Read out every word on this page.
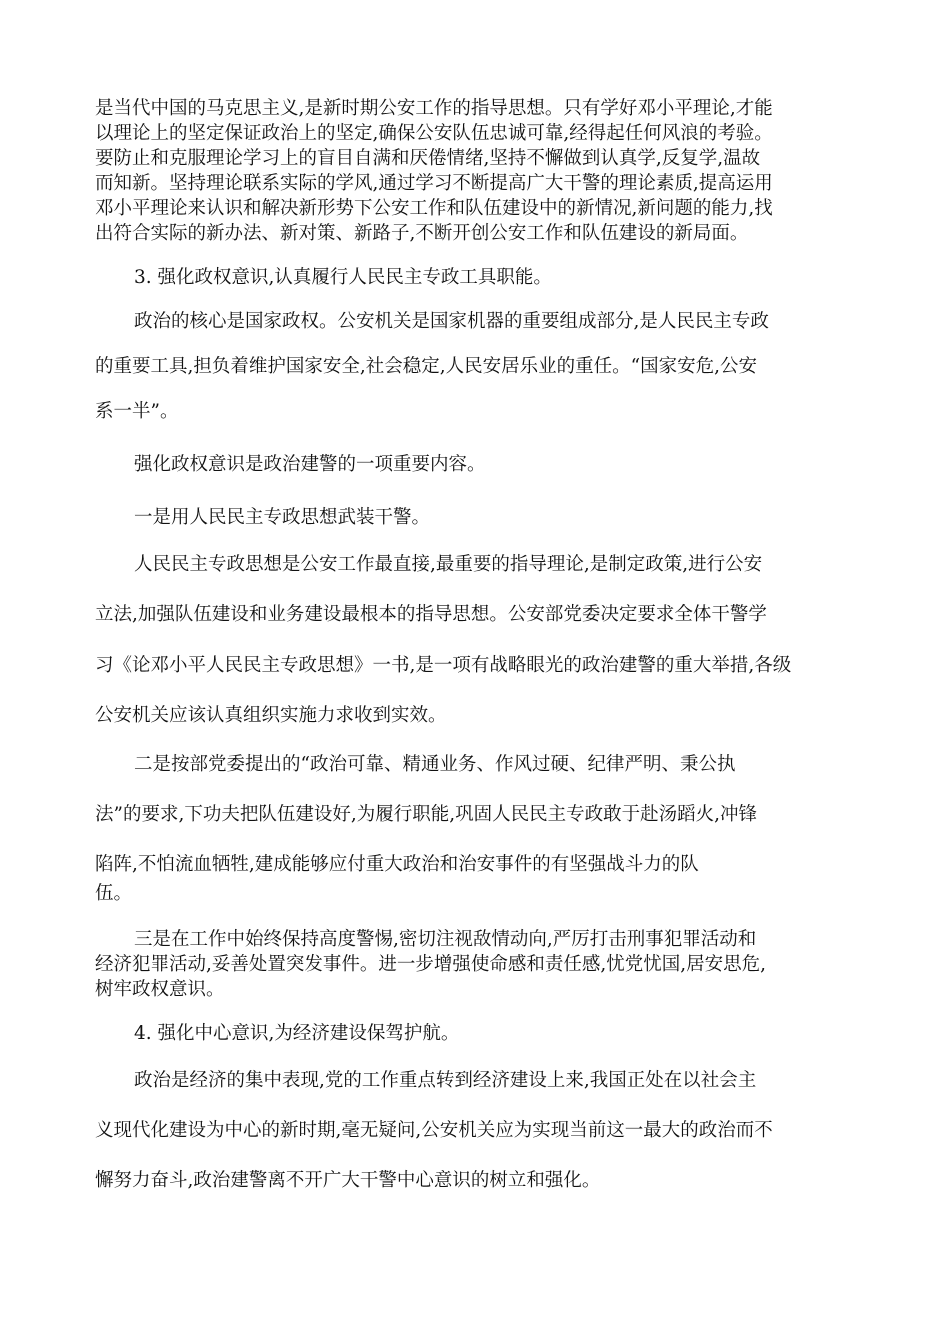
是当代中国的马克思主义,是新时期公安工作的指导思想。只有学好邓小平理论,才能
以理论上的坚定保证政治上的坚定,确保公安队伍忠诚可靠,经得起任何风浪的考验。
要防止和克服理论学习上的盲目自满和厌倦情绪,坚持不懈做到认真学,反复学,温故
而知新。坚持理论联系实际的学风,通过学习不断提高广大干警的理论素质,提高运用
邓小平理论来认识和解决新形势下公安工作和队伍建设中的新情况,新问题的能力,找
出符合实际的新办法、新对策、新路子,不断开创公安工作和队伍建设的新局面。
3. 强化政权意识,认真履行人民民主专政工具职能。
政治的核心是国家政权。公安机关是国家机器的重要组成部分,是人民民主专政
的重要工具,担负着维护国家安全,社会稳定,人民安居乐业的重任。“国家安危,公安
系一半”。
强化政权意识是政治建警的一项重要内容。
一是用人民民主专政思想武装干警。
人民民主专政思想是公安工作最直接,最重要的指导理论,是制定政策,进行公安
立法,加强队伍建设和业务建设最根本的指导思想。公安部党委决定要求全体干警学
习《论邓小平人民民主专政思想》一书,是一项有战略眼光的政治建警的重大举措,各级
公安机关应该认真组织实施力求收到实效。
二是按部党委提出的“政治可靠、精通业务、作风过硬、纪律严明、秉公执
法”的要求,下功夫把队伍建设好,为履行职能,巩固人民民主专政敢于赴汤蹈火,冲锋
陷阵,不怕流血牺牲,建成能够应付重大政治和治安事件的有坚强战斗力的队
伍。
三是在工作中始终保持高度警惕,密切注视敌情动向,严厉打击刑事犯罪活动和
经济犯罪活动,妥善处置突发事件。进一步增强使命感和责任感,忧党忧国,居安思危,
树牢政权意识。
4. 强化中心意识,为经济建设保驾护航。
政治是经济的集中表现,党的工作重点转到经济建设上来,我国正处在以社会主
义现代化建设为中心的新时期,毫无疑问,公安机关应为实现当前这一最大的政治而不
懈努力奋斗,政治建警离不开广大干警中心意识的树立和强化。
